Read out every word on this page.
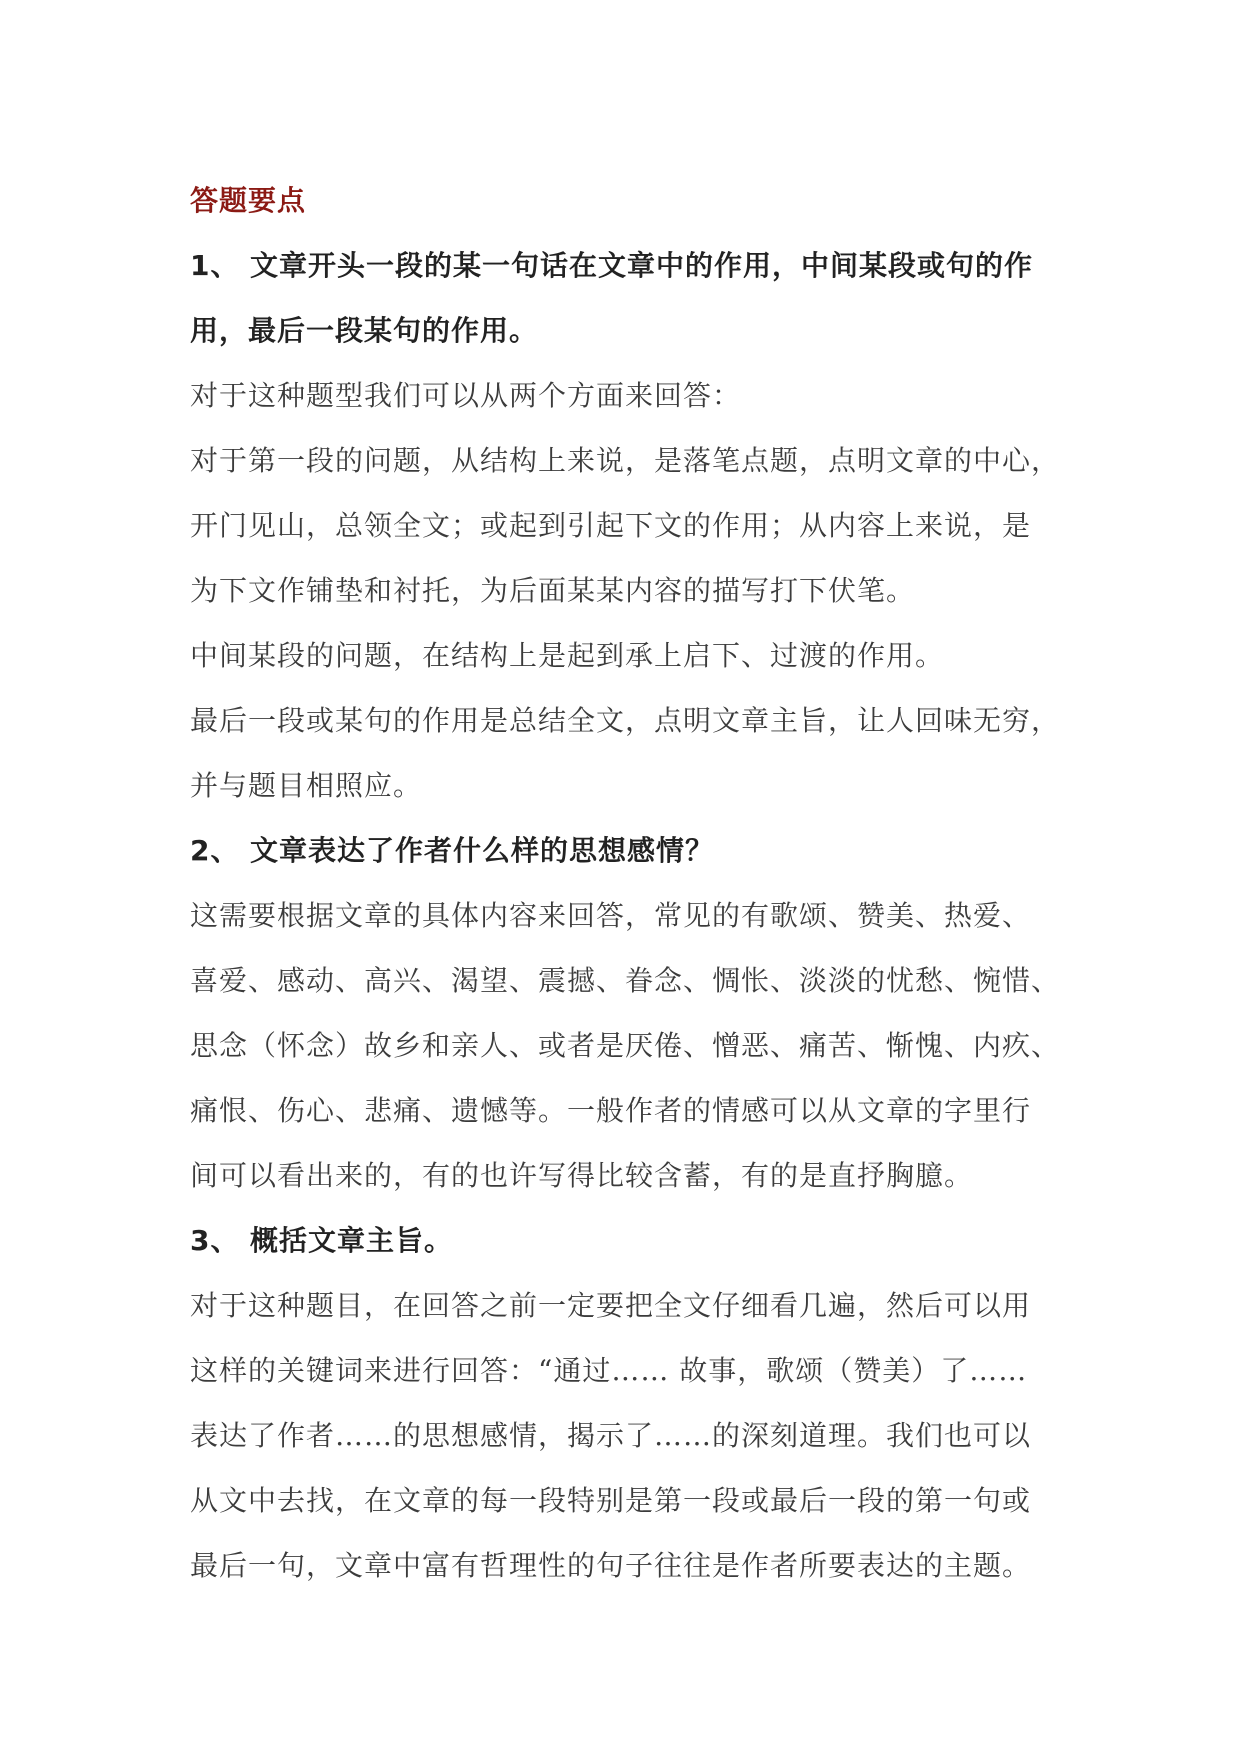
答题要点
1、 文章开头一段的某一句话在文章中的作用，中间某段或句的作
用，最后一段某句的作用。
对于这种题型我们可以从两个方面来回答：
对于第一段的问题，从结构上来说，是落笔点题，点明文章的中心，
开门见山，总领全文；或起到引起下文的作用；从内容上来说，是
为下文作铺垫和衬托，为后面某某内容的描写打下伏笔。
中间某段的问题，在结构上是起到承上启下、过渡的作用。
最后一段或某句的作用是总结全文，点明文章主旨，让人回味无穷，
并与题目相照应。
2、 文章表达了作者什么样的思想感情？
这需要根据文章的具体内容来回答，常见的有歌颂、赞美、热爱、
喜爱、感动、高兴、渴望、震撼、眷念、惆怅、淡淡的忧愁、惋惜、
思念（怀念）故乡和亲人、或者是厌倦、憎恶、痛苦、惭愧、内疚、
痛恨、伤心、悲痛、遗憾等。一般作者的情感可以从文章的字里行
间可以看出来的，有的也许写得比较含蓄，有的是直抒胸臆。
3、 概括文章主旨。
对于这种题目，在回答之前一定要把全文仔细看几遍，然后可以用
这样的关键词来进行回答：“通过…… 故事，歌颂（赞美）了……
表达了作者……的思想感情，揭示了……的深刻道理。我们也可以
从文中去找，在文章的每一段特别是第一段或最后一段的第一句或
最后一句，文章中富有哲理性的句子往往是作者所要表达的主题。
